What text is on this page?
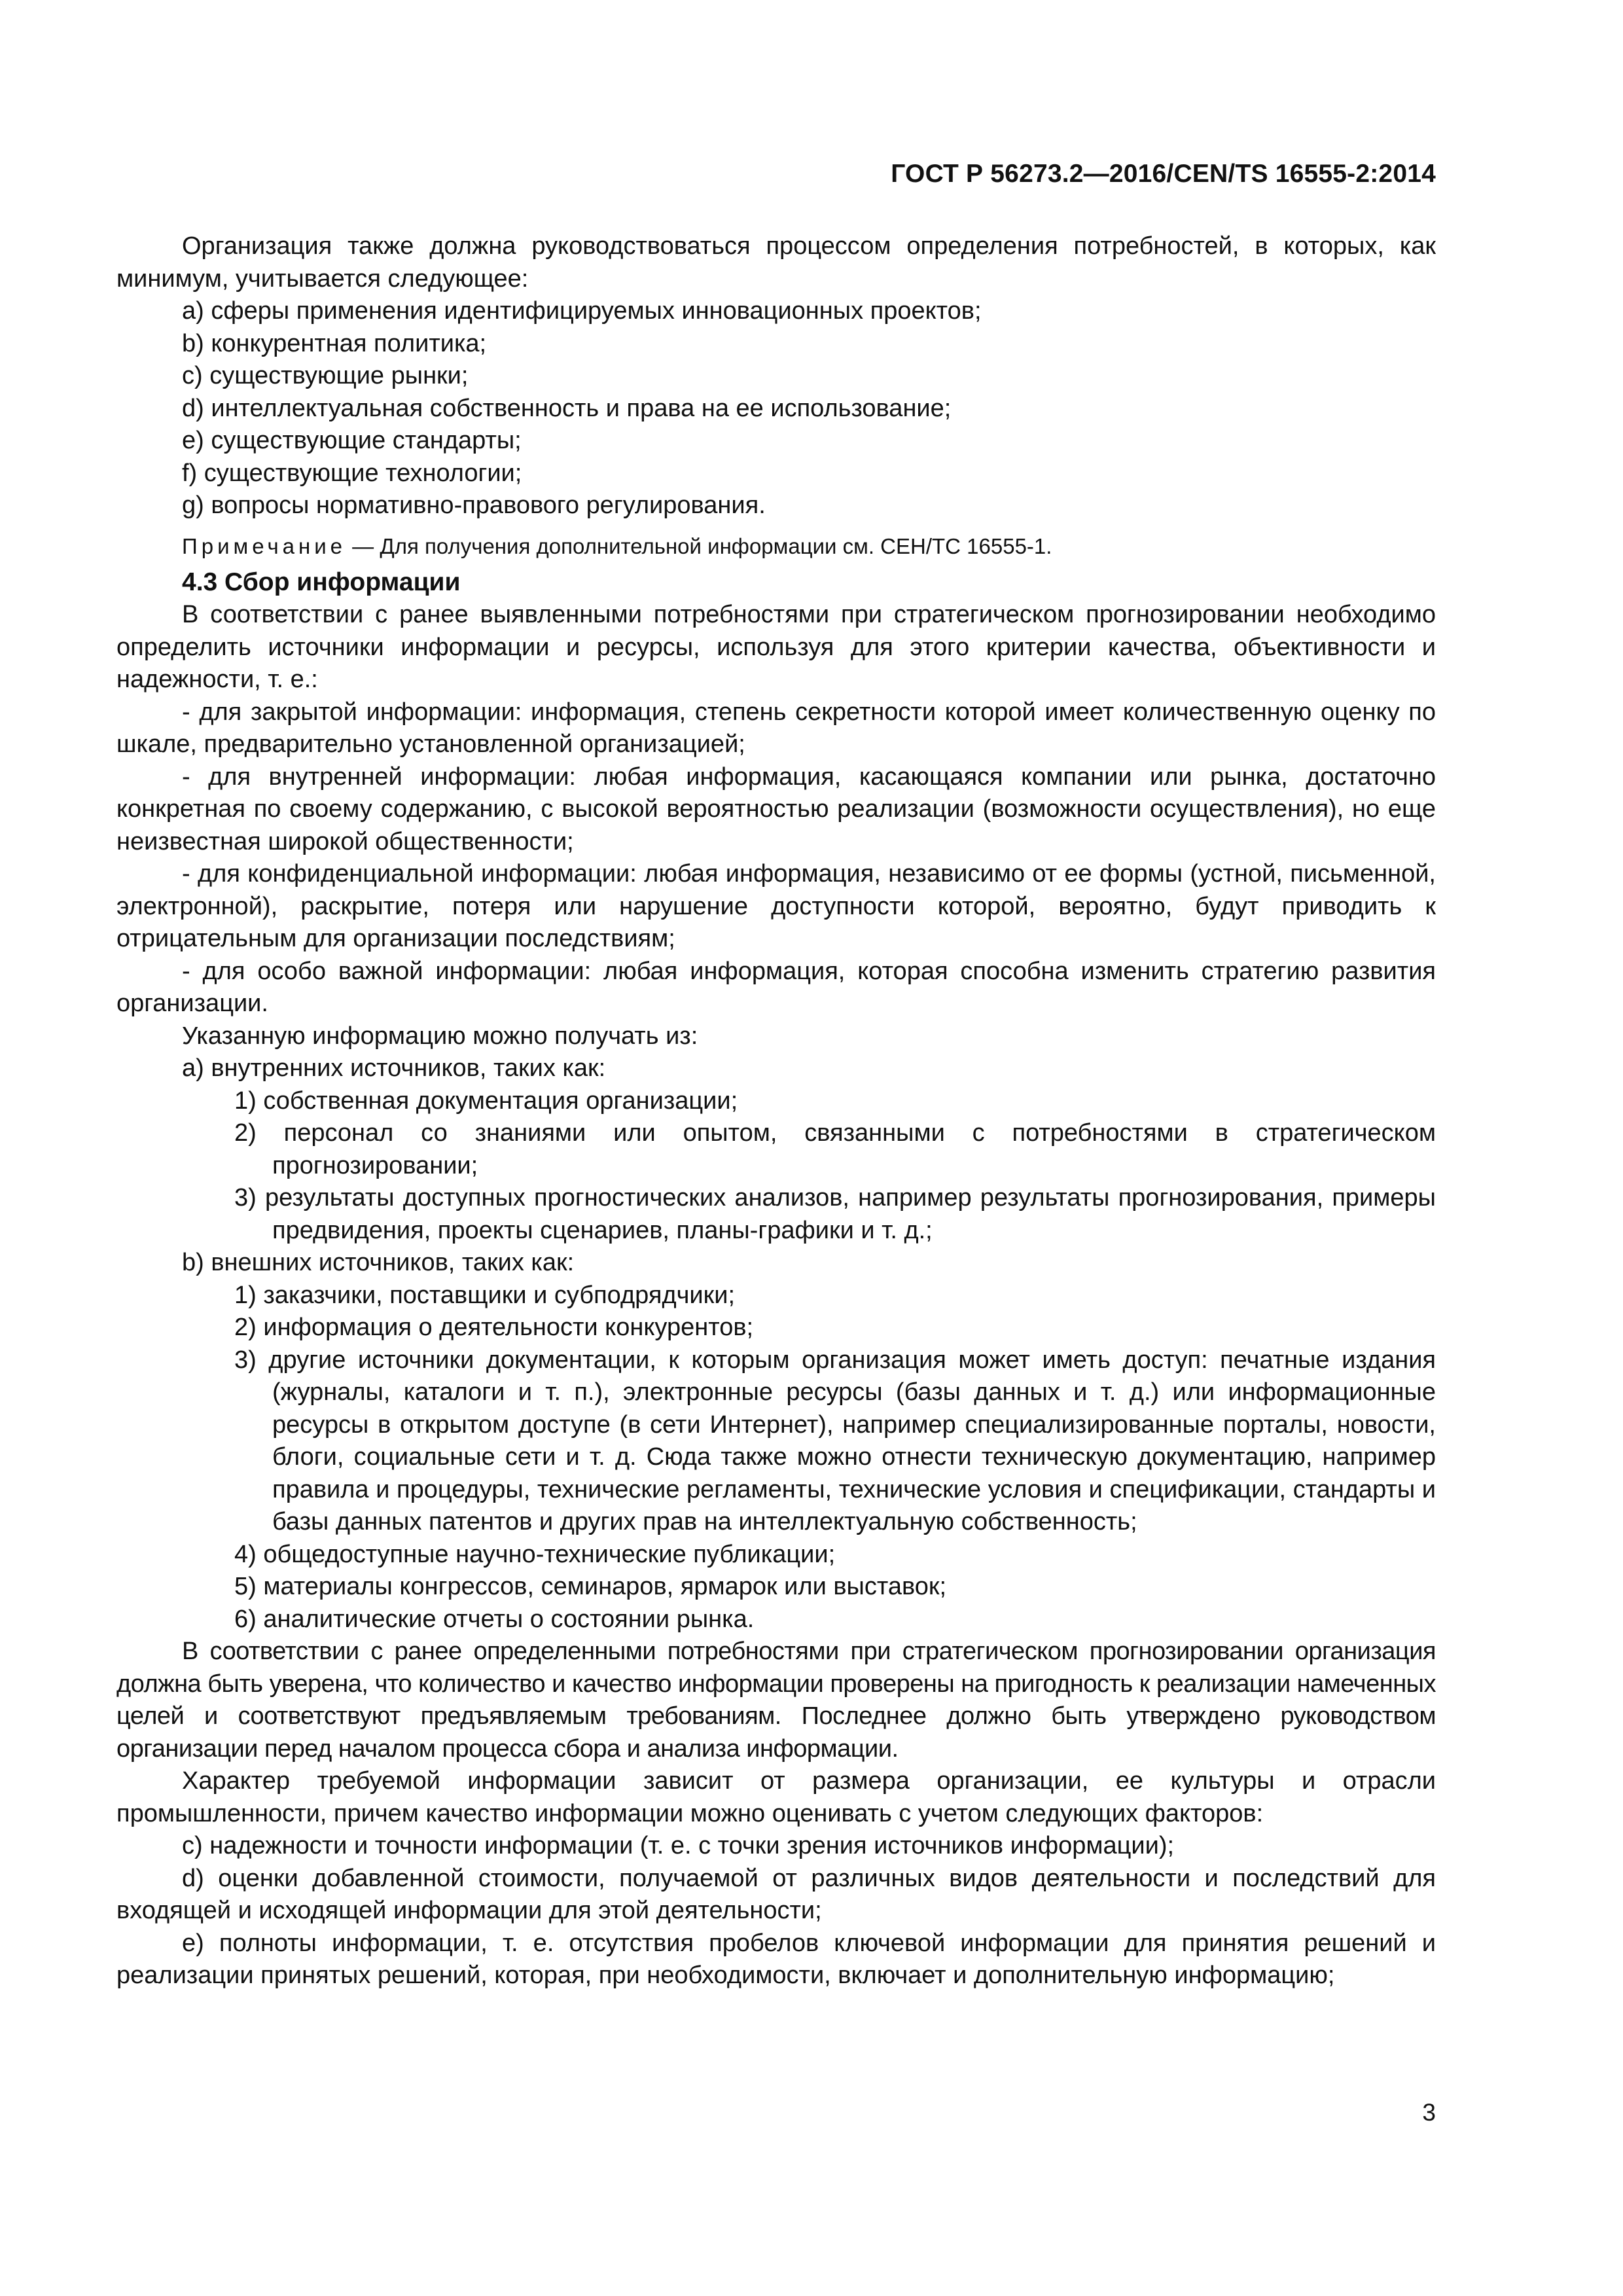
ГОСТ Р 56273.2—2016/CEN/TS 16555-2:2014

Организация также должна руководствоваться процессом определения потребностей, в которых, как минимум, учитывается следующее:

a) сферы применения идентифицируемых инновационных проектов;

b) конкурентная политика;

c) существующие рынки;

d) интеллектуальная собственность и права на ее использование;

e) существующие стандарты;

f) существующие технологии;

g) вопросы нормативно-правового регулирования.

Примечание — Для получения дополнительной информации см. СЕН/ТС 16555-1.

4.3 Сбор информации

В соответствии с ранее выявленными потребностями при стратегическом прогнозировании необходимо определить источники информации и ресурсы, используя для этого критерии качества, объективности и надежности, т. е.:

- для закрытой информации: информация, степень секретности которой имеет количественную оценку по шкале, предварительно установленной организацией;

- для внутренней информации: любая информация, касающаяся компании или рынка, достаточно конкретная по своему содержанию, с высокой вероятностью реализации (возможности осуществления), но еще неизвестная широкой общественности;

- для конфиденциальной информации: любая информация, независимо от ее формы (устной, письменной, электронной), раскрытие, потеря или нарушение доступности которой, вероятно, будут приводить к отрицательным для организации последствиям;

- для особо важной информации: любая информация, которая способна изменить стратегию развития организации.

Указанную информацию можно получать из:

a) внутренних источников, таких как:

1) собственная документация организации;

2) персонал со знаниями или опытом, связанными с потребностями в стратегическом прогнозировании;

3) результаты доступных прогностических анализов, например результаты прогнозирования, примеры предвидения, проекты сценариев, планы-графики и т. д.;

b) внешних источников, таких как:

1) заказчики, поставщики и субподрядчики;

2) информация о деятельности конкурентов;

3) другие источники документации, к которым организация может иметь доступ: печатные издания (журналы, каталоги и т. п.), электронные ресурсы (базы данных и т. д.) или информационные ресурсы в открытом доступе (в сети Интернет), например специализированные порталы, новости, блоги, социальные сети и т. д. Сюда также можно отнести техническую документацию, например правила и процедуры, технические регламенты, технические условия и спецификации, стандарты и базы данных патентов и других прав на интеллектуальную собственность;

4) общедоступные научно-технические публикации;

5) материалы конгрессов, семинаров, ярмарок или выставок;

6) аналитические отчеты о состоянии рынка.

В соответствии с ранее определенными потребностями при стратегическом прогнозировании организация должна быть уверена, что количество и качество информации проверены на пригодность к реализации намеченных целей и соответствуют предъявляемым требованиям. Последнее должно быть утверждено руководством организации перед началом процесса сбора и анализа информации.

Характер требуемой информации зависит от размера организации, ее культуры и отрасли промышленности, причем качество информации можно оценивать с учетом следующих факторов:

c) надежности и точности информации (т. е. с точки зрения источников информации);

d) оценки добавленной стоимости, получаемой от различных видов деятельности и последствий для входящей и исходящей информации для этой деятельности;

e) полноты информации, т. е. отсутствия пробелов ключевой информации для принятия решений и реализации принятых решений, которая, при необходимости, включает и дополнительную информацию;

3
